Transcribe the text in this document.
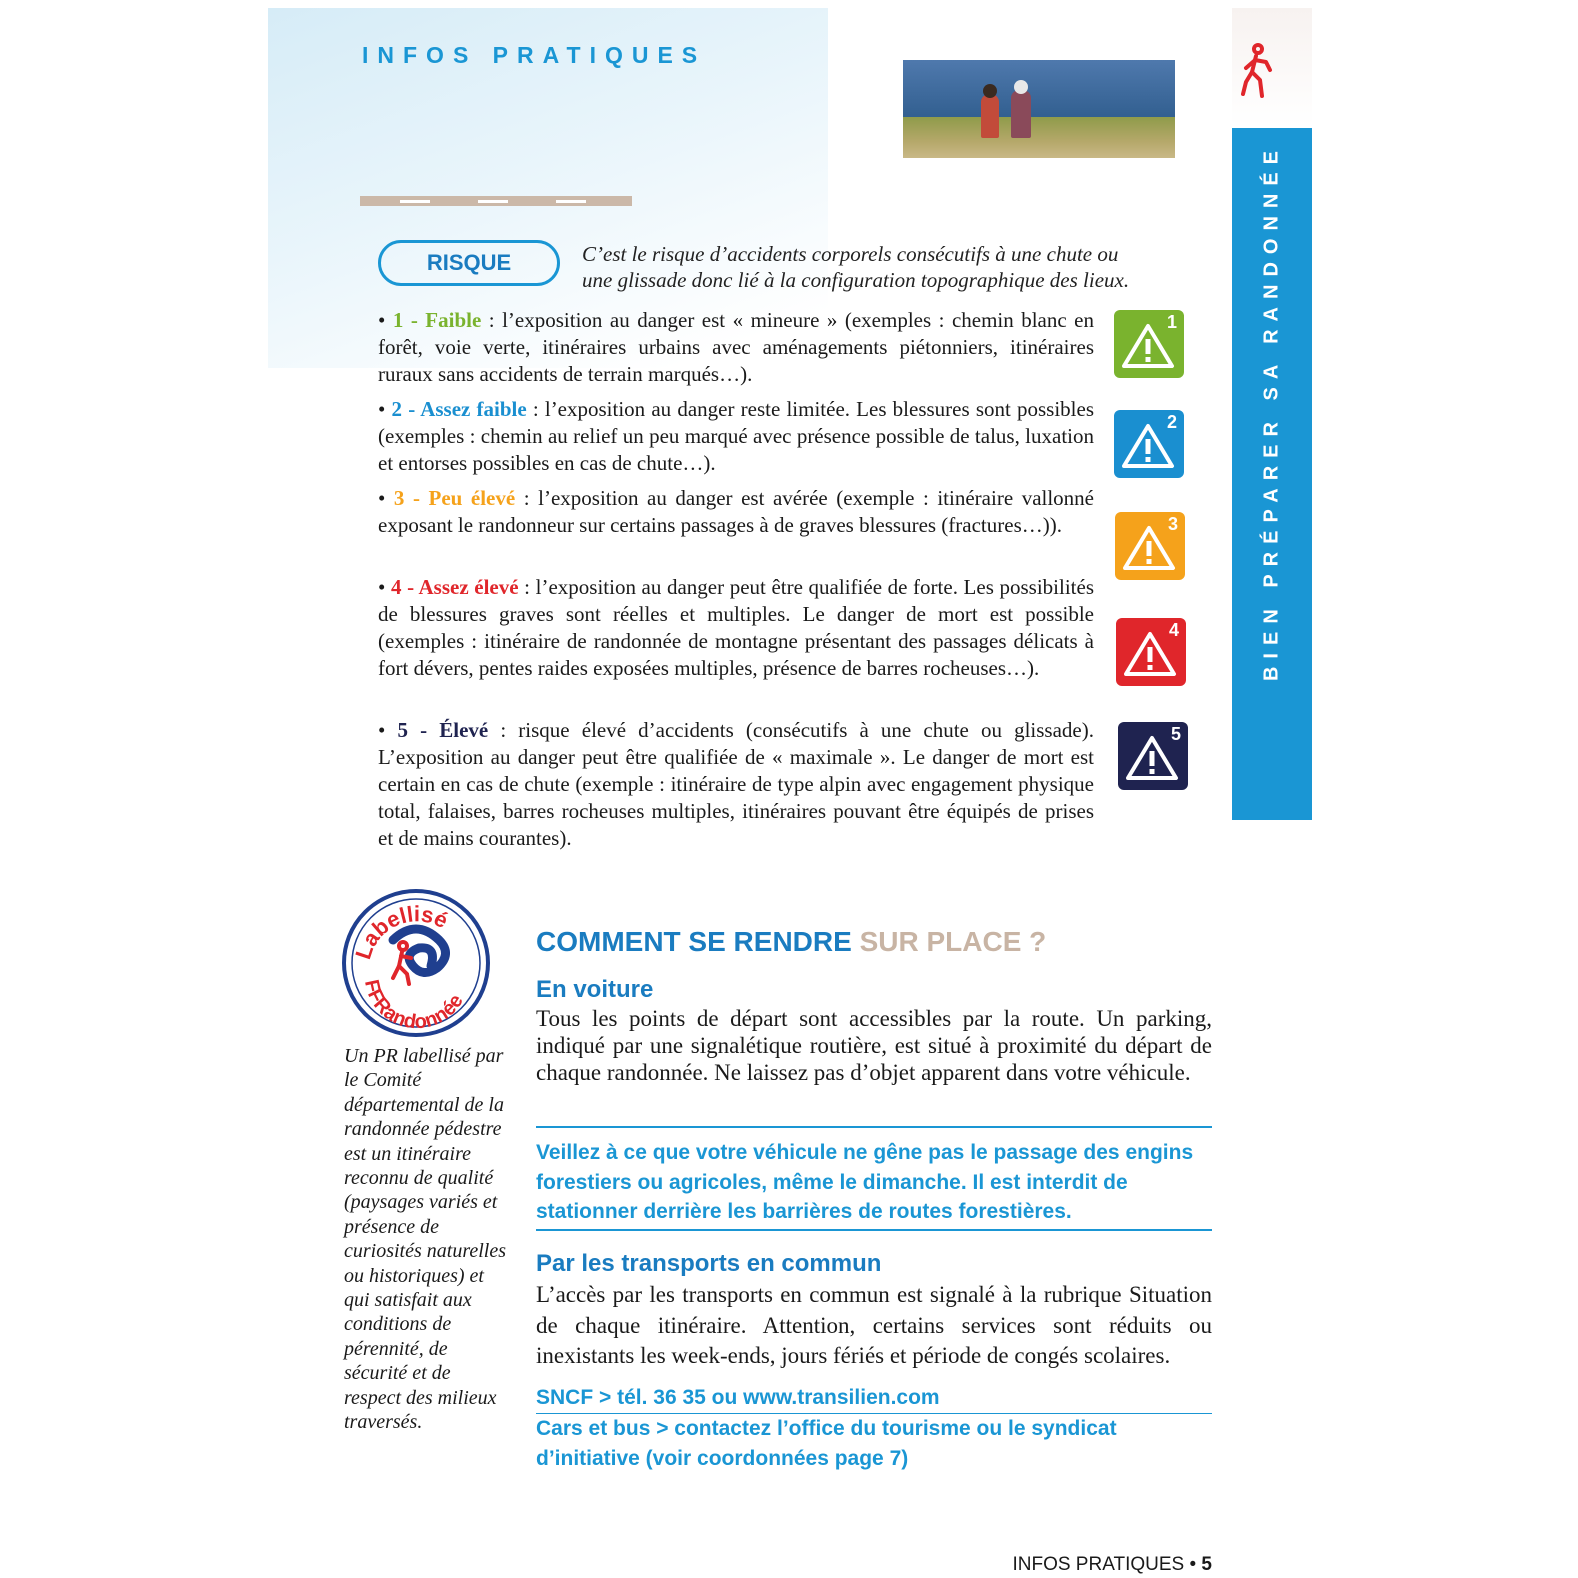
INFOS PRATIQUES
BIEN PRÉPARER SA RANDONNÉE
RISQUE	C’est le risque d’accidents corporels consécutifs à une chute ou une glissade donc lié à la configuration topographique des lieux.
• 1 - Faible : l’exposition au danger est « mineure » (exemples : chemin blanc en forêt, voie verte, itinéraires urbains avec aménagements piétonniers, itinéraires ruraux sans accidents de terrain marqués…).
• 2 - Assez faible : l’exposition au danger reste limitée. Les blessures sont possibles (exemples : chemin au relief un peu marqué avec présence possible de talus, luxation et entorses possibles en cas de chute…).
• 3 - Peu élevé : l’exposition au danger est avérée (exemple : itinéraire vallonné exposant le randonneur sur certains passages à de graves blessures (fractures…)).
• 4 - Assez élevé : l’exposition au danger peut être qualifiée de forte. Les possibilités de blessures graves sont réelles et multiples. Le danger de mort est possible (exemples : itinéraire de randonnée de montagne présentant des passages délicats à fort dévers, pentes raides exposées multiples, présence de barres rocheuses…).
• 5 - Élevé : risque élevé d’accidents (consécutifs à une chute ou glissade). L’exposition au danger peut être qualifiée de « maximale ». Le danger de mort est certain en cas de chute (exemple : itinéraire de type alpin avec engagement physique total, falaises, barres rocheuses multiples, itinéraires pouvant être équipés de prises et de mains courantes).
1
2
3
4
5
Labellisé
FFRandonnée
Un PR labellisé par le Comité départemental de la randonnée pédestre est un itinéraire reconnu de qualité (paysages variés et présence de curiosités naturelles ou historiques) et qui satisfait aux conditions de pérennité, de sécurité et de respect des milieux traversés.
COMMENT SE RENDRE SUR PLACE ?
En voiture
Tous les points de départ sont accessibles par la route. Un parking, indiqué par une signalétique routière, est situé à proximité du départ de chaque randonnée. Ne laissez pas d’objet apparent dans votre véhicule.
Veillez à ce que votre véhicule ne gêne pas le passage des engins forestiers ou agricoles, même le dimanche. Il est interdit de stationner derrière les barrières de routes forestières.
Par les transports en commun
L’accès par les transports en commun est signalé à la rubrique Situation de chaque itinéraire. Attention, certains services sont réduits ou inexistants les week-ends, jours fériés et période de congés scolaires.
SNCF > tél. 36 35 ou www.transilien.com
Cars et bus > contactez l’office du tourisme ou le syndicat d’initiative (voir coordonnées page 7)
INFOS PRATIQUES • 5
